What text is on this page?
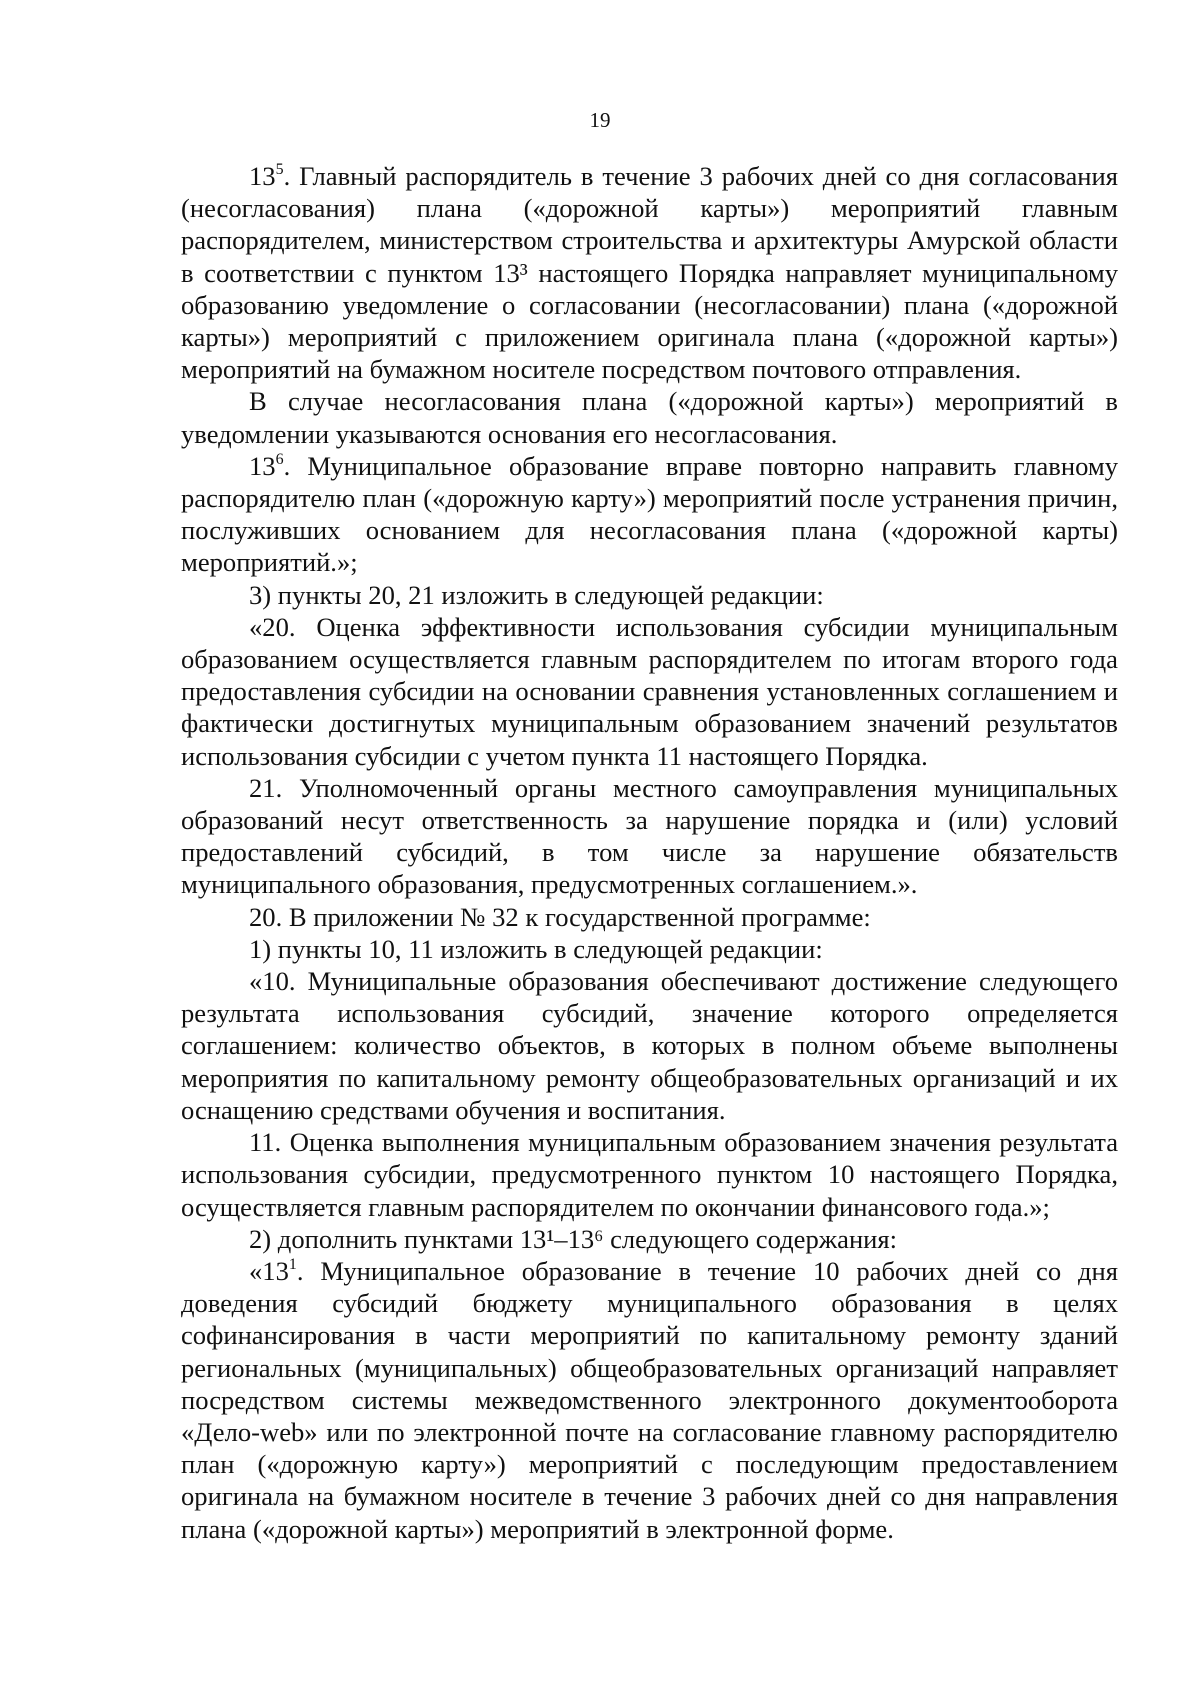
19

$13^5$. Главный распорядитель в течение 3 рабочих дней со дня согласования (несогласования) плана («дорожной карты») мероприятий главным распорядителем, министерством строительства и архитектуры Амурской области в соответствии с пунктом 13³ настоящего Порядка направляет муниципальному образованию уведомление о согласовании (несогласовании) плана («дорожной карты») мероприятий с приложением оригинала плана («дорожной карты») мероприятий на бумажном носителе посредством почтового отправления.

В случае несогласования плана («дорожной карты») мероприятий в уведомлении указываются основания его несогласования.

$13^6$. Муниципальное образование вправе повторно направить главному распорядителю план («дорожную карту») мероприятий после устранения причин, послуживших основанием для несогласования плана («дорожной карты) мероприятий.»;

3) пункты 20, 21 изложить в следующей редакции:

«20. Оценка эффективности использования субсидии муниципальным образованием осуществляется главным распорядителем по итогам второго года предоставления субсидии на основании сравнения установленных соглашением и фактически достигнутых муниципальным образованием значений результатов использования субсидии с учетом пункта 11 настоящего Порядка.

21. Уполномоченный органы местного самоуправления муниципальных образований несут ответственность за нарушение порядка и (или) условий предоставлений субсидий, в том числе за нарушение обязательств муниципального образования, предусмотренных соглашением.».

20. В приложении № 32 к государственной программе:

1) пункты 10, 11 изложить в следующей редакции:

«10. Муниципальные образования обеспечивают достижение следующего результата использования субсидий, значение которого определяется соглашением: количество объектов, в которых в полном объеме выполнены мероприятия по капитальному ремонту общеобразовательных организаций и их оснащению средствами обучения и воспитания.

11. Оценка выполнения муниципальным образованием значения результата использования субсидии, предусмотренного пунктом 10 настоящего Порядка, осуществляется главным распорядителем по окончании финансового года.»;

2) дополнить пунктами 13¹–13⁶ следующего содержания:

«$13^1$. Муниципальное образование в течение 10 рабочих дней со дня доведения субсидий бюджету муниципального образования в целях софинансирования в части мероприятий по капитальному ремонту зданий региональных (муниципальных) общеобразовательных организаций направляет посредством системы межведомственного электронного документооборота «Дело-web» или по электронной почте на согласование главному распорядителю план («дорожную карту») мероприятий с последующим предоставлением оригинала на бумажном носителе в течение 3 рабочих дней со дня направления плана («дорожной карты») мероприятий в электронной форме.
